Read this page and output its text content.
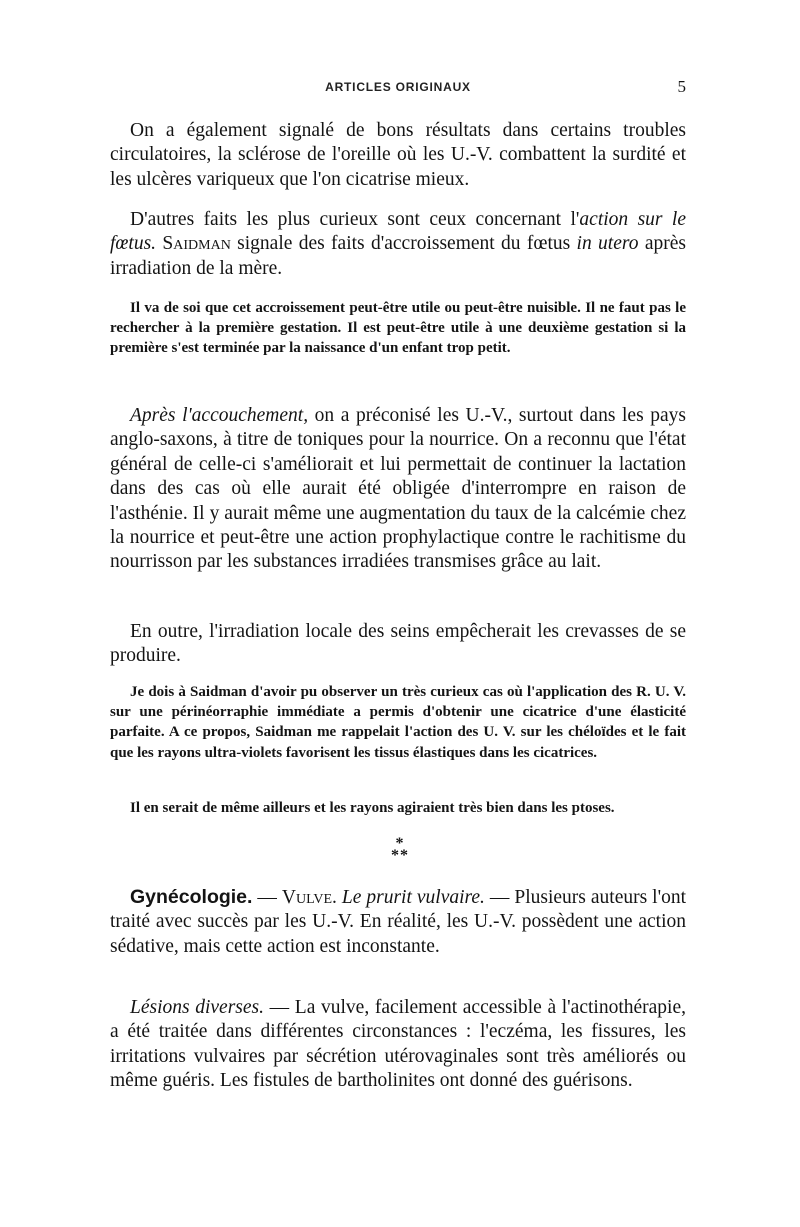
ARTICLES ORIGINAUX	5

On a également signalé de bons résultats dans certains troubles circulatoires, la sclérose de l'oreille où les U.-V. combattent la surdité et les ulcères variqueux que l'on cicatrise mieux.

D'autres faits les plus curieux sont ceux concernant l'action sur le fœtus. Saidman signale des faits d'accroissement du fœtus in utero après irradiation de la mère.

Il va de soi que cet accroissement peut-être utile ou peut-être nuisible. Il ne faut pas le rechercher à la première gestation. Il est peut-être utile à une deuxième gestation si la première s'est terminée par la naissance d'un enfant trop petit.

Après l'accouchement, on a préconisé les U.-V., surtout dans les pays anglo-saxons, à titre de toniques pour la nourrice. On a reconnu que l'état général de celle-ci s'améliorait et lui permettait de continuer la lactation dans des cas où elle aurait été obligée d'interrompre en raison de l'asthénie. Il y aurait même une augmentation du taux de la calcémie chez la nourrice et peut-être une action prophylactique contre le rachitisme du nourrisson par les substances irradiées transmises grâce au lait.

En outre, l'irradiation locale des seins empêcherait les crevasses de se produire.

Je dois à Saidman d'avoir pu observer un très curieux cas où l'application des R. U. V. sur une périnéorraphie immédiate a permis d'obtenir une cicatrice d'une élasticité parfaite. A ce propos, Saidman me rappelait l'action des U. V. sur les chéloïdes et le fait que les rayons ultra-violets favorisent les tissus élastiques dans les cicatrices.

Il en serait de même ailleurs et les rayons agiraient très bien dans les ptoses.

*
**

Gynécologie. — Vulve. Le prurit vulvaire. — Plusieurs auteurs l'ont traité avec succès par les U.-V. En réalité, les U.-V. possèdent une action sédative, mais cette action est inconstante.

Lésions diverses. — La vulve, facilement accessible à l'actinothérapie, a été traitée dans différentes circonstances : l'eczéma, les fissures, les irritations vulvaires par sécrétion utérovaginales sont très améliorés ou même guéris. Les fistules de bartholinites ont donné des guérisons.
